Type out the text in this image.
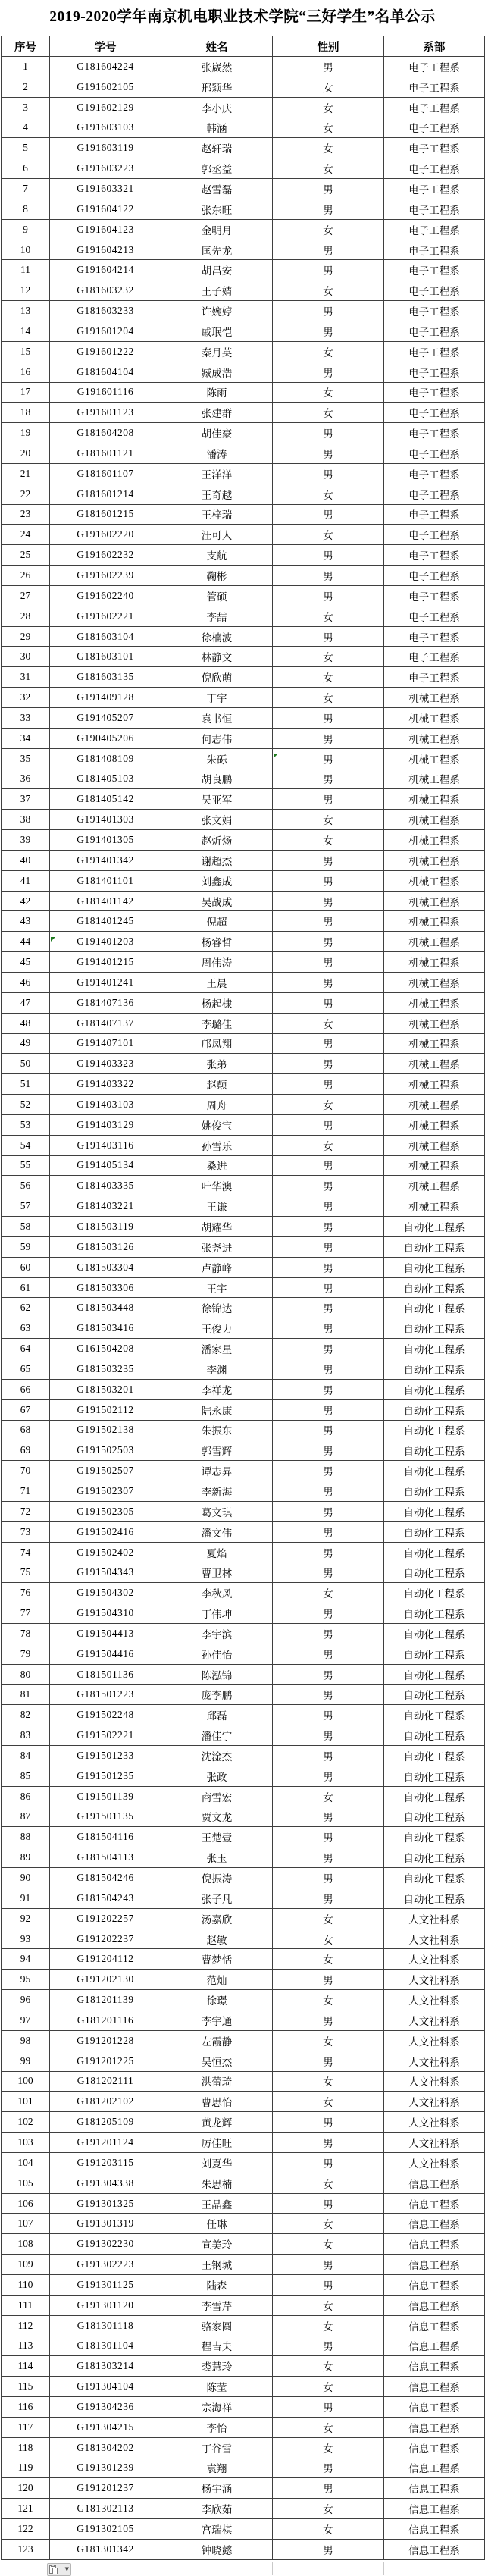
2019-2020学年南京机电职业技术学院“三好学生”名单公示
序号	学号	姓名	性别	系部
1	G181604224	张崴然	男	电子工程系
2	G191602105	邢颖华	女	电子工程系
3	G191602129	李小庆	女	电子工程系
4	G191603103	韩涵	女	电子工程系
5	G191603119	赵轩瑞	女	电子工程系
6	G191603223	郭丞益	女	电子工程系
7	G191603321	赵雪磊	男	电子工程系
8	G191604122	张东旺	男	电子工程系
9	G191604123	金明月	女	电子工程系
10	G191604213	匡先龙	男	电子工程系
11	G191604214	胡昌安	男	电子工程系
12	G181603232	王子婧	女	电子工程系
13	G181603233	许婉婷	男	电子工程系
14	G191601204	戚珉恺	男	电子工程系
15	G191601222	秦月英	女	电子工程系
16	G181604104	臧成浩	男	电子工程系
17	G191601116	陈雨	女	电子工程系
18	G191601123	张建群	女	电子工程系
19	G181604208	胡佳豪	男	电子工程系
20	G181601121	潘涛	男	电子工程系
21	G181601107	王洋洋	男	电子工程系
22	G181601214	王奇越	女	电子工程系
23	G181601215	王梓瑞	男	电子工程系
24	G191602220	汪可人	女	电子工程系
25	G191602232	支航	男	电子工程系
26	G191602239	鞠彬	男	电子工程系
27	G191602240	管硕	男	电子工程系
28	G191602221	李喆	女	电子工程系
29	G181603104	徐楠波	男	电子工程系
30	G181603101	林静文	女	电子工程系
31	G181603135	倪欣萌	女	电子工程系
32	G191409128	丁宇	女	机械工程系
33	G191405207	袁书恒	男	机械工程系
34	G190405206	何志伟	男	机械工程系
35	G181408109	朱砾	男	机械工程系
36	G181405103	胡良鹏	男	机械工程系
37	G181405142	吴亚军	男	机械工程系
38	G191401303	张文娟	女	机械工程系
39	G191401305	赵炘炀	女	机械工程系
40	G191401342	谢超杰	男	机械工程系
41	G181401101	刘鑫成	男	机械工程系
42	G181401142	吴战成	男	机械工程系
43	G181401245	倪超	男	机械工程系
44	G191401203	杨睿哲	男	机械工程系
45	G191401215	周伟涛	男	机械工程系
46	G191401241	王晨	男	机械工程系
47	G181407136	杨起棣	男	机械工程系
48	G181407137	李璐佳	女	机械工程系
49	G191407101	邝凤翔	男	机械工程系
50	G191403323	张弟	男	机械工程系
51	G191403322	赵颠	男	机械工程系
52	G191403103	周舟	女	机械工程系
53	G191403129	姚俊宝	男	机械工程系
54	G191403116	孙雪乐	女	机械工程系
55	G191405134	桑进	男	机械工程系
56	G181403335	叶华澳	男	机械工程系
57	G181403221	王谦	男	机械工程系
58	G181503119	胡耀华	男	自动化工程系
59	G181503126	张尧进	男	自动化工程系
60	G181503304	卢静峰	男	自动化工程系
61	G181503306	王宇	男	自动化工程系
62	G181503448	徐锦达	男	自动化工程系
63	G181503416	王俊力	男	自动化工程系
64	G161504208	潘家星	男	自动化工程系
65	G181503235	李渊	男	自动化工程系
66	G181503201	李祥龙	男	自动化工程系
67	G191502112	陆永康	男	自动化工程系
68	G191502138	朱振东	男	自动化工程系
69	G191502503	郭雪辉	男	自动化工程系
70	G191502507	谭志昇	男	自动化工程系
71	G191502307	李新海	男	自动化工程系
72	G191502305	葛文琪	男	自动化工程系
73	G191502416	潘文伟	男	自动化工程系
74	G191502402	夏焰	男	自动化工程系
75	G191504343	曹卫林	男	自动化工程系
76	G191504302	李秋风	女	自动化工程系
77	G191504310	丁伟坤	男	自动化工程系
78	G191504413	李宇滨	男	自动化工程系
79	G191504416	孙佳怡	男	自动化工程系
80	G181501136	陈泓锦	男	自动化工程系
81	G181501223	庞李鹏	男	自动化工程系
82	G191502248	邱磊	男	自动化工程系
83	G191502221	潘佳宁	男	自动化工程系
84	G191501233	沈淦杰	男	自动化工程系
85	G191501235	张政	男	自动化工程系
86	G191501139	商雪宏	女	自动化工程系
87	G191501135	贾文龙	男	自动化工程系
88	G181504116	王楚壹	男	自动化工程系
89	G181504113	张玉	男	自动化工程系
90	G181504246	倪振涛	男	自动化工程系
91	G181504243	张子凡	男	自动化工程系
92	G191202257	汤嘉欣	女	人文社科系
93	G191202237	赵敏	女	人文社科系
94	G191204112	曹梦恬	女	人文社科系
95	G191202130	范灿	男	人文社科系
96	G181201139	徐璟	女	人文社科系
97	G181201116	李宇通	男	人文社科系
98	G191201228	左霞静	女	人文社科系
99	G191201225	吴恒杰	男	人文社科系
100	G181202111	洪蕾琦	女	人文社科系
101	G181202102	曹思怡	女	人文社科系
102	G181205109	黄龙辉	男	人文社科系
103	G191201124	厉佳旺	男	人文社科系
104	G191203115	刘夏华	男	人文社科系
105	G191304338	朱思楠	女	信息工程系
106	G191301325	王晶鑫	男	信息工程系
107	G191301319	任琳	女	信息工程系
108	G191302230	宣美玲	女	信息工程系
109	G191302223	王钢城	男	信息工程系
110	G191301125	陆森	男	信息工程系
111	G191301120	李雪芹	女	信息工程系
112	G181301118	骆家圆	女	信息工程系
113	G181301104	程吉夫	男	信息工程系
114	G181303214	裘慧玲	女	信息工程系
115	G191304104	陈莹	女	信息工程系
116	G191304236	宗海祥	男	信息工程系
117	G191304215	李怡	女	信息工程系
118	G181304202	丁谷雪	女	信息工程系
119	G191301239	袁翔	男	信息工程系
120	G191201237	杨宇涵	男	信息工程系
121	G181302113	李欣茹	女	信息工程系
122	G191302105	宫瑞棋	女	信息工程系
123	G181301342	钟晓懿	男	信息工程系
▼
